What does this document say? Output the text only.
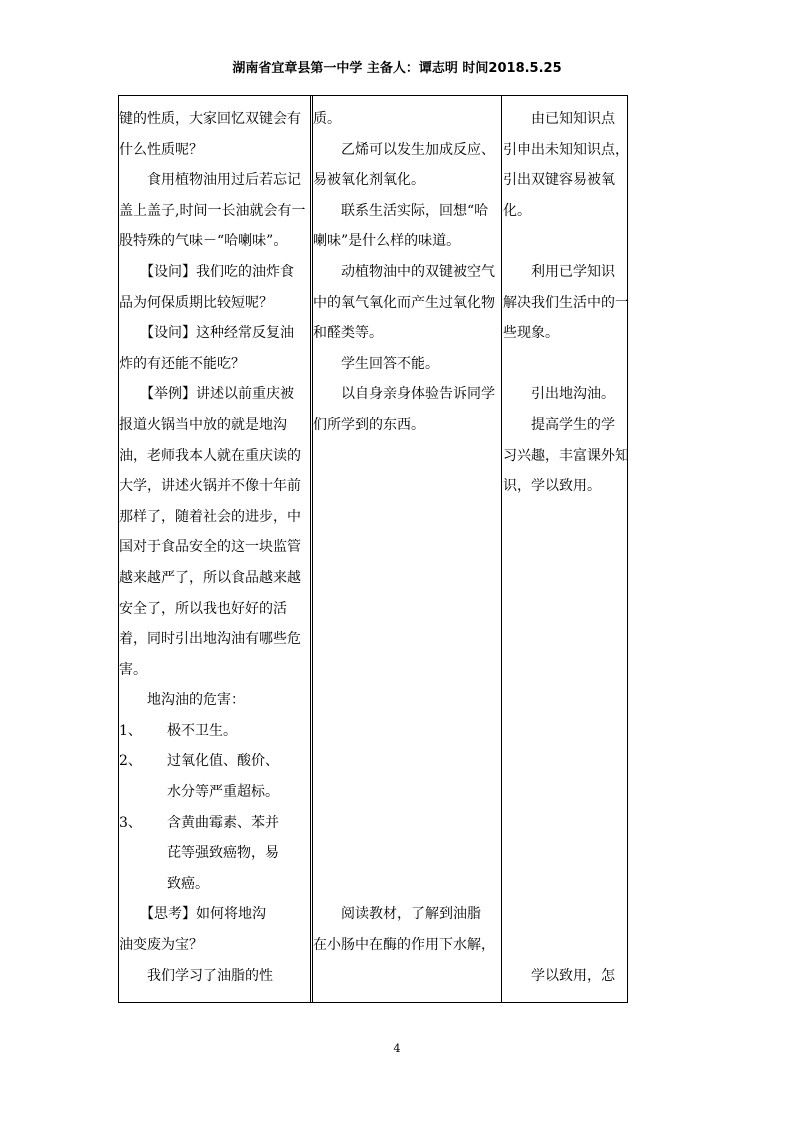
湖南省宜章县第一中学 主备人：谭志明 时间2018.5.25

键的性质，大家回忆双键会有

什么性质呢？

　　食用植物油用过后若忘记

盖上盖子,时间一长油就会有一

股特殊的气味－“哈喇味”。

　　【设问】我们吃的油炸食

品为何保质期比较短呢？

　　【设问】这种经常反复油

炸的有还能不能吃？

　　【举例】讲述以前重庆被

报道火锅当中放的就是地沟

油，老师我本人就在重庆读的

大学，讲述火锅并不像十年前

那样了，随着社会的进步，中

国对于食品安全的这一块监管

越来越严了，所以食品越来越

安全了，所以我也好好的活

着，同时引出地沟油有哪些危

害。

　　地沟油的危害：

1、 极不卫生。

2、 过氧化值、酸价、

水分等严重超标。

3、 含黄曲霉素、苯并

芘等强致癌物，易

致癌。

　　【思考】如何将地沟

油变废为宝？

　　我们学习了油脂的性

质。

　　乙烯可以发生加成反应、

易被氧化剂氧化。

　　联系生活实际，回想“哈

喇味”是什么样的味道。

　　动植物油中的双键被空气

中的氧气氧化而产生过氧化物

和醛类等。

　　学生回答不能。

　　以自身亲身体验告诉同学

们所学到的东西。

　　阅读教材，了解到油脂

在小肠中在酶的作用下水解，

　　由已知知识点

引申出未知知识点，

引出双键容易被氧

化。

　　利用已学知识

解决我们生活中的一

些现象。

　　引出地沟油。

　　提高学生的学

习兴趣，丰富课外知

识，学以致用。

　　学以致用，怎

4
